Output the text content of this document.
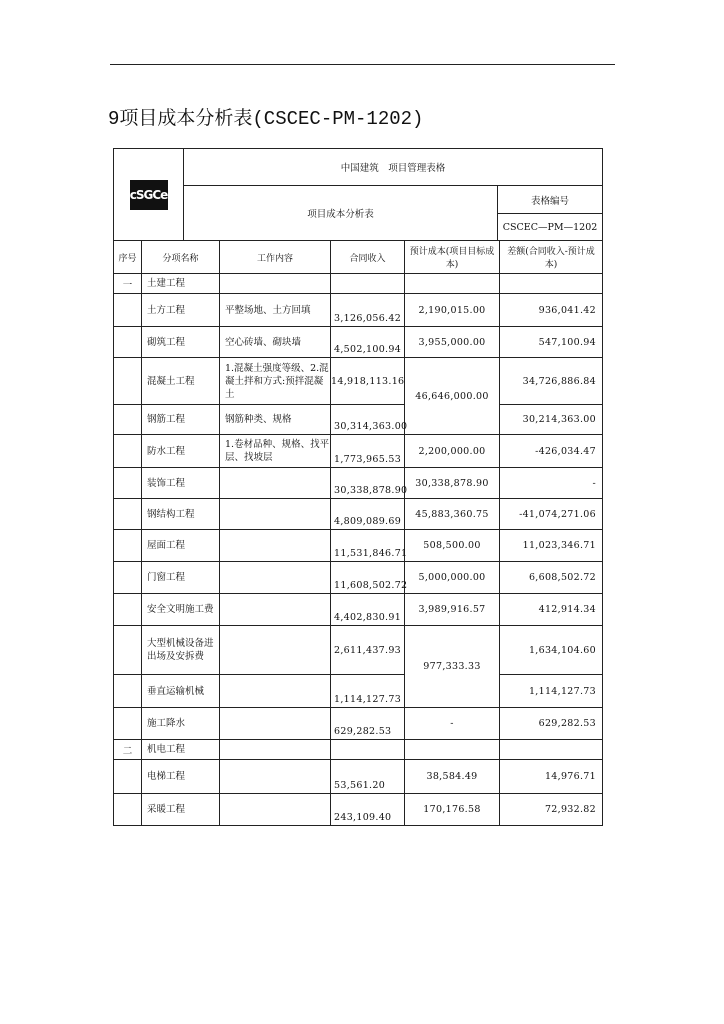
9项目成本分析表(CSCEC-PM-1202)
cSGCe	中国建筑　项目管理表格	
	项目成本分析表	表格编号
		CSCEC—PM—1202
序号	分项名称	工作内容	合同收入	预计成本(项目目标成本)	差额(合同收入-预计成本)
一	土建工程				
	土方工程	平整场地、土方回填	3,126,056.42	2,190,015.00	936,041.42
	砌筑工程	空心砖墙、砌块墙	4,502,100.94	3,955,000.00	547,100.94
	混凝土工程	1.混凝土强度等级、2.混凝土拌和方式:预拌混凝土	14,918,113.16	46,646,000.00	34,726,886.84
	钢筋工程	钢筋种类、规格	30,314,363.00		30,214,363.00
	防水工程	1.卷材品种、规格、找平层、找坡层	1,773,965.53	2,200,000.00	-426,034.47
	装饰工程		30,338,878.90	30,338,878.90	-
	钢结构工程		4,809,089.69	45,883,360.75	-41,074,271.06
	屋面工程		11,531,846.71	508,500.00	11,023,346.71
	门窗工程		11,608,502.72	5,000,000.00	6,608,502.72
	安全文明施工费		4,402,830.91	3,989,916.57	412,914.34
	大型机械设备进出场及安拆费		2,611,437.93	977,333.33	1,634,104.60
	垂直运输机械		1,114,127.73		1,114,127.73
	施工降水		629,282.53	-	629,282.53
二	机电工程				
	电梯工程		53,561.20	38,584.49	14,976.71
	采暖工程		243,109.40	170,176.58	72,932.82
